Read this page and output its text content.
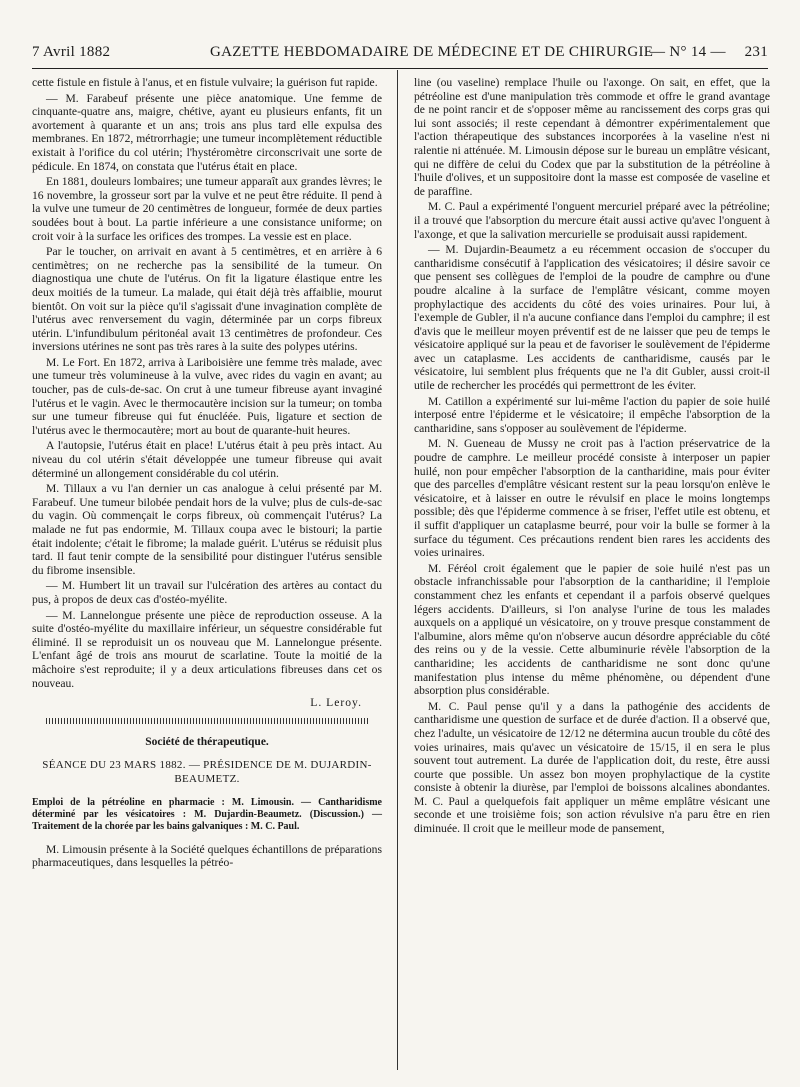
7 Avril 1882	GAZETTE HEBDOMADAIRE DE MÉDECINE ET DE CHIRURGIE
— N° 14 — 231

cette fistule en fistule à l'anus, et en fistule vulvaire; la guérison fut rapide.

— M. Farabeuf présente une pièce anatomique. Une femme de cinquante-quatre ans, maigre, chétive, ayant eu plusieurs enfants, fit un avortement à quarante et un ans; trois ans plus tard elle expulsa des membranes. En 1872, métrorrhagie; une tumeur incomplètement réductible existait à l'orifice du col utérin; l'hystéromètre circonscrivait une sorte de pédicule. En 1874, on constata que l'utérus était en place.

En 1881, douleurs lombaires; une tumeur apparaît aux grandes lèvres; le 16 novembre, la grosseur sort par la vulve et ne peut être réduite. Il pend à la vulve une tumeur de 20 centimètres de longueur, formée de deux parties soudées bout à bout. La partie inférieure a une consistance uniforme; on croit voir à la surface les orifices des trompes. La vessie est en place.

Par le toucher, on arrivait en avant à 5 centimètres, et en arrière à 6 centimètres; on ne recherche pas la sensibilité de la tumeur. On diagnostiqua une chute de l'utérus. On fit la ligature élastique entre les deux moitiés de la tumeur. La malade, qui était déjà très affaiblie, mourut bientôt. On voit sur la pièce qu'il s'agissait d'une invagination complète de l'utérus avec renversement du vagin, déterminée par un corps fibreux utérin. L'infundibulum péritonéal avait 13 centimètres de profondeur. Ces inversions utérines ne sont pas très rares à la suite des polypes utérins.

M. Le Fort. En 1872, arriva à Lariboisière une femme très malade, avec une tumeur très volumineuse à la vulve, avec rides du vagin en avant; au toucher, pas de culs-de-sac. On crut à une tumeur fibreuse ayant invaginé l'utérus et le vagin. Avec le thermocautère incision sur la tumeur; on tomba sur une tumeur fibreuse qui fut énucléée. Puis, ligature et section de l'utérus avec le thermocautère; mort au bout de quarante-huit heures.

A l'autopsie, l'utérus était en place! L'utérus était à peu près intact. Au niveau du col utérin s'était développée une tumeur fibreuse qui avait déterminé un allongement considérable du col utérin.

M. Tillaux a vu l'an dernier un cas analogue à celui présenté par M. Farabeuf. Une tumeur bilobée pendait hors de la vulve; plus de culs-de-sac du vagin. Où commençait le corps fibreux, où commençait l'utérus? La malade ne fut pas endormie, M. Tillaux coupa avec le bistouri; la partie était indolente; c'était le fibrome; la malade guérit. L'utérus se réduisit plus tard. Il faut tenir compte de la sensibilité pour distinguer l'utérus sensible du fibrome insensible.

— M. Humbert lit un travail sur l'ulcération des artères au contact du pus, à propos de deux cas d'ostéo-myélite.

— M. Lannelongue présente une pièce de reproduction osseuse. A la suite d'ostéo-myélite du maxillaire inférieur, un séquestre considérable fut éliminé. Il se reproduisit un os nouveau que M. Lannelongue présente. L'enfant âgé de trois ans mourut de scarlatine. Toute la moitié de la mâchoire s'est reproduite; il y a deux articulations fibreuses dans cet os nouveau.

L. Leroy.
Société de thérapeutique.
SÉANCE DU 23 MARS 1882. — PRÉSIDENCE DE M. DUJARDIN-BEAUMETZ.
Emploi de la pétréoline en pharmacie : M. Limousin. — Cantharidisme déterminé par les vésicatoires : M. Dujardin-Beaumetz. (Discussion.) — Traitement de la chorée par les bains galvaniques : M. C. Paul.

M. Limousin présente à la Société quelques échantillons de préparations pharmaceutiques, dans lesquelles la pétréo-

line (ou vaseline) remplace l'huile ou l'axonge. On sait, en effet, que la pétréoline est d'une manipulation très commode et offre le grand avantage de ne point rancir et de s'opposer même au rancissement des corps gras qui lui sont associés; il reste cependant à démontrer expérimentalement que l'action thérapeutique des substances incorporées à la vaseline n'est ni ralentie ni atténuée. M. Limousin dépose sur le bureau un emplâtre vésicant, qui ne diffère de celui du Codex que par la substitution de la pétréoline à l'huile d'olives, et un suppositoire dont la masse est composée de vaseline et de paraffine.

M. C. Paul a expérimenté l'onguent mercuriel préparé avec la pétréoline; il a trouvé que l'absorption du mercure était aussi active qu'avec l'onguent à l'axonge, et que la salivation mercurielle se produisait aussi rapidement.

— M. Dujardin-Beaumetz a eu récemment occasion de s'occuper du cantharidisme consécutif à l'application des vésicatoires; il désire savoir ce que pensent ses collègues de l'emploi de la poudre de camphre ou d'une poudre alcaline à la surface de l'emplâtre vésicant, comme moyen prophylactique des accidents du côté des voies urinaires. Pour lui, à l'exemple de Gubler, il n'a aucune confiance dans l'emploi du camphre; il est d'avis que le meilleur moyen préventif est de ne laisser que peu de temps le vésicatoire appliqué sur la peau et de favoriser le soulèvement de l'épiderme avec un cataplasme. Les accidents de cantharidisme, causés par le vésicatoire, lui semblent plus fréquents que ne l'a dit Gubler, aussi croit-il utile de rechercher les procédés qui permettront de les éviter.

M. Catillon a expérimenté sur lui-même l'action du papier de soie huilé interposé entre l'épiderme et le vésicatoire; il empêche l'absorption de la cantharidine, sans s'opposer au soulèvement de l'épiderme.

M. N. Gueneau de Mussy ne croit pas à l'action préservatrice de la poudre de camphre. Le meilleur procédé consiste à interposer un papier huilé, non pour empêcher l'absorption de la cantharidine, mais pour éviter que des parcelles d'emplâtre vésicant restent sur la peau lorsqu'on enlève le vésicatoire, et à laisser en outre le révulsif en place le moins longtemps possible; dès que l'épiderme commence à se friser, l'effet utile est obtenu, et il suffit d'appliquer un cataplasme beurré, pour voir la bulle se former à la surface du tégument. Ces précautions rendent bien rares les accidents des voies urinaires.

M. Féréol croit également que le papier de soie huilé n'est pas un obstacle infranchissable pour l'absorption de la cantharidine; il l'emploie constamment chez les enfants et cependant il a parfois observé quelques légers accidents. D'ailleurs, si l'on analyse l'urine de tous les malades auxquels on a appliqué un vésicatoire, on y trouve presque constamment de l'albumine, alors même qu'on n'observe aucun désordre appréciable du côté des reins ou y de la vessie. Cette albuminurie révèle l'absorption de la cantharidine; les accidents de cantharidisme ne sont donc qu'une manifestation plus intense du même phénomène, ou dépendent d'une absorption plus considérable.

M. C. Paul pense qu'il y a dans la pathogénie des accidents de cantharidisme une question de surface et de durée d'action. Il a observé que, chez l'adulte, un vésicatoire de 12/12 ne détermina aucun trouble du côté des voies urinaires, mais qu'avec un vésicatoire de 15/15, il en sera le plus souvent tout autrement. La durée de l'application doit, du reste, être aussi courte que possible. Un assez bon moyen prophylactique de la cystite consiste à obtenir la diurèse, par l'emploi de boissons alcalines abondantes. M. C. Paul a quelquefois fait appliquer un même emplâtre vésicant une seconde et une troisième fois; son action révulsive n'a paru être en rien diminuée. Il croit que le meilleur mode de pansement,
